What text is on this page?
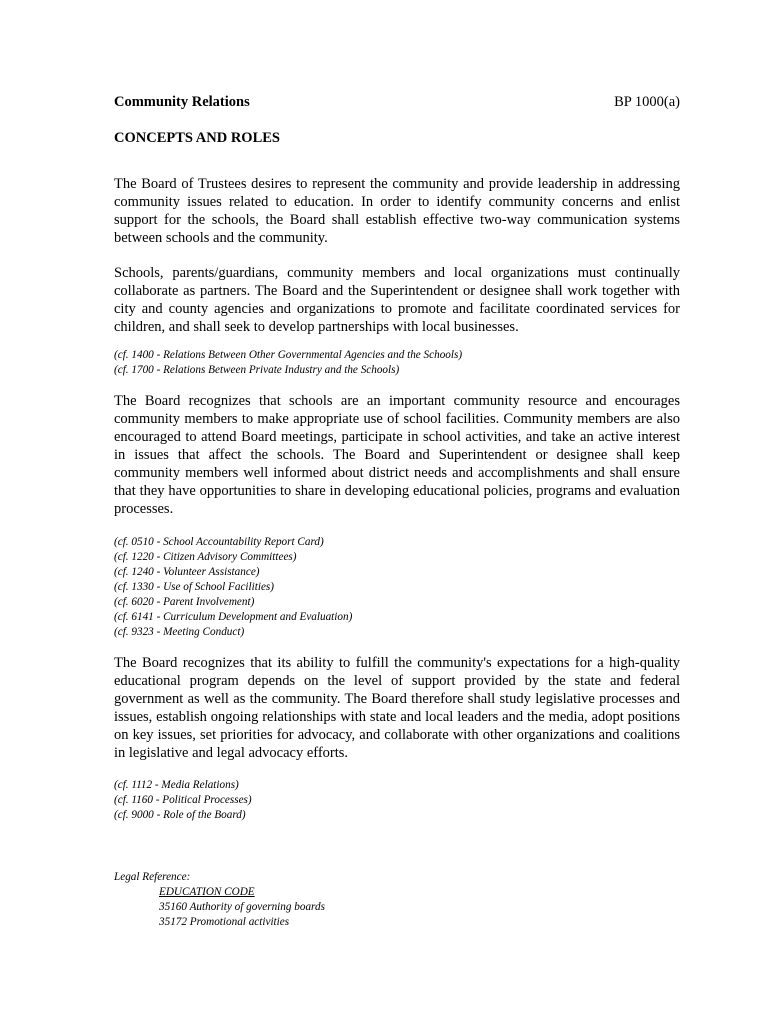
Community Relations	BP 1000(a)
CONCEPTS AND ROLES

The Board of Trustees desires to represent the community and provide leadership in addressing community issues related to education. In order to identify community concerns and enlist support for the schools, the Board shall establish effective two-way communication systems between schools and the community.

Schools, parents/guardians, community members and local organizations must continually collaborate as partners. The Board and the Superintendent or designee shall work together with city and county agencies and organizations to promote and facilitate coordinated services for children, and shall seek to develop partnerships with local businesses.

(cf. 1400 - Relations Between Other Governmental Agencies and the Schools)
(cf. 1700 - Relations Between Private Industry and the Schools)

The Board recognizes that schools are an important community resource and encourages community members to make appropriate use of school facilities. Community members are also encouraged to attend Board meetings, participate in school activities, and take an active interest in issues that affect the schools. The Board and Superintendent or designee shall keep community members well informed about district needs and accomplishments and shall ensure that they have opportunities to share in developing educational policies, programs and evaluation processes.

(cf. 0510 - School Accountability Report Card)
(cf. 1220 - Citizen Advisory Committees)
(cf. 1240 - Volunteer Assistance)
(cf. 1330 - Use of School Facilities)
(cf. 6020 - Parent Involvement)
(cf. 6141 - Curriculum Development and Evaluation)
(cf. 9323 - Meeting Conduct)

The Board recognizes that its ability to fulfill the community's expectations for a high-quality educational program depends on the level of support provided by the state and federal government as well as the community. The Board therefore shall study legislative processes and issues, establish ongoing relationships with state and local leaders and the media, adopt positions on key issues, set priorities for advocacy, and collaborate with other organizations and coalitions in legislative and legal advocacy efforts.

(cf. 1112 - Media Relations)
(cf. 1160 - Political Processes)
(cf. 9000 - Role of the Board)
Legal Reference:
EDUCATION CODE
35160 Authority of governing boards
35172 Promotional activities
